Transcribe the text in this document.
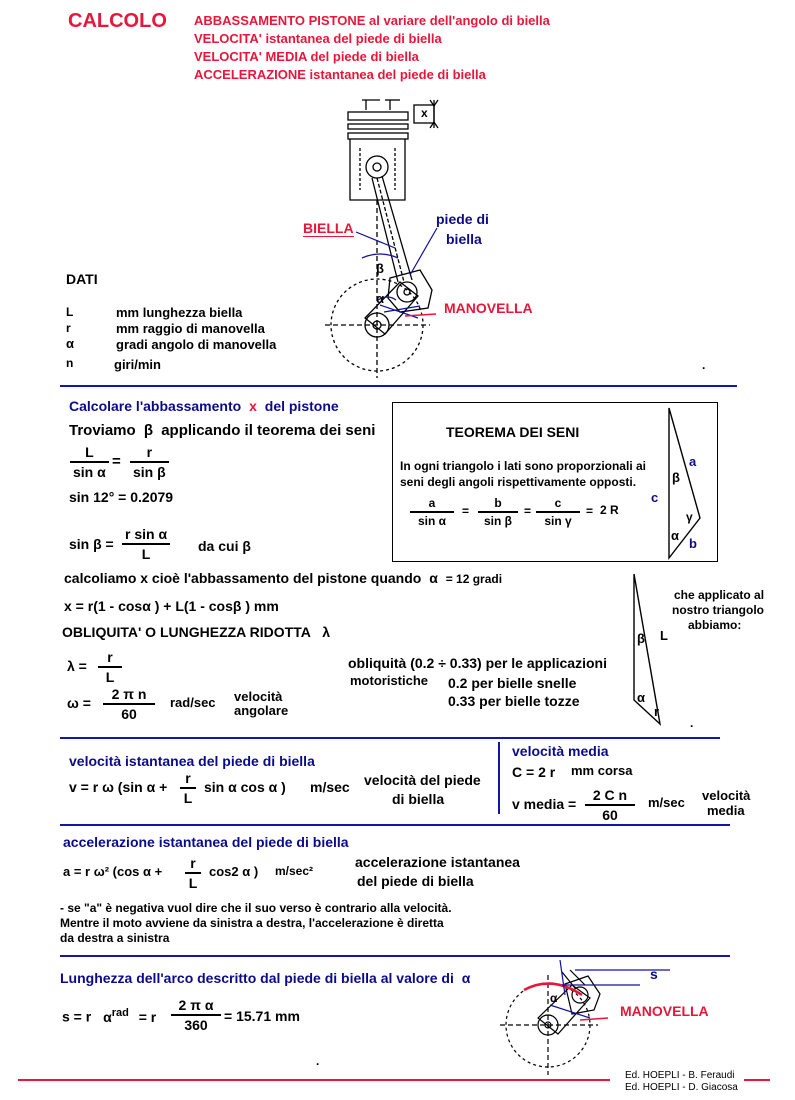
CALCOLO ABBASSAMENTO PISTONE al variare dell'angolo di biella
VELOCITA' istantanea del piede di biella
VELOCITA' MEDIA del piede di biella
ACCELERAZIONE istantanea del piede di biella
x
BIELLA
piede di
biella
β
α
MANOVELLA
DATI
L	mm lunghezza biella
r	mm raggio di manovella
α	gradi angolo di manovella
n	giri/min	.
Calcolare l'abbassamento x del pistone
Troviamo β applicando il teorema dei seni
L
sin α
=
r
sin β
sin 12° = 0.2079
sin β =
r sin α
L	da cui β
calcoliamo x cioè l'abbassamento del pistone quando α = 12 gradi
x = r(1 - cosα ) + L(1 - cosβ ) mm
OBLIQUITA' O LUNGHEZZA RIDOTTA λ
λ =
r
L
ω =
2 π n
60
rad/sec velocità
angolare
obliquità (0.2 ÷ 0.33) per le applicazioni
motoristiche 0.2 per bielle snelle
0.33 per bielle tozze
TEOREMA DEI SENI
In ogni triangolo i lati sono proporzionali ai
seni degli angoli rispettivamente opposti.
a
sin α
=
b
sin β
=
c
sin γ
= 2 R
a
c
b
β
γ
α
che applicato al
nostro triangolo
abbiamo:
β L
α
r
.
velocità istantanea del piede di biella
v = r ω (sin α +
r
L
sin α cos α ) m/sec velocità del piede
di biella
velocità media
C = 2 r mm corsa
v media =
2 C n
60
m/sec velocità
media
accelerazione istantanea del piede di biella
a = r ω² (cos α +
r
L
cos2 α ) m/sec²
accelerazione istantanea
del piede di biella
- se "a" è negativa vuol dire che il suo verso è contrario alla velocità.
Mentre il moto avviene da sinistra a destra, l'accelerazione è diretta
da destra a sinistra
Lunghezza dell'arco descritto dal piede di biella al valore di α
s = r $\alpha^{rad} = r$
2 π α
360
= 15.71 mm
s
MANOVELLA
α
.
Ed. HOEPLI - B. Feraudi
Ed. HOEPLI - D. Giacosa
